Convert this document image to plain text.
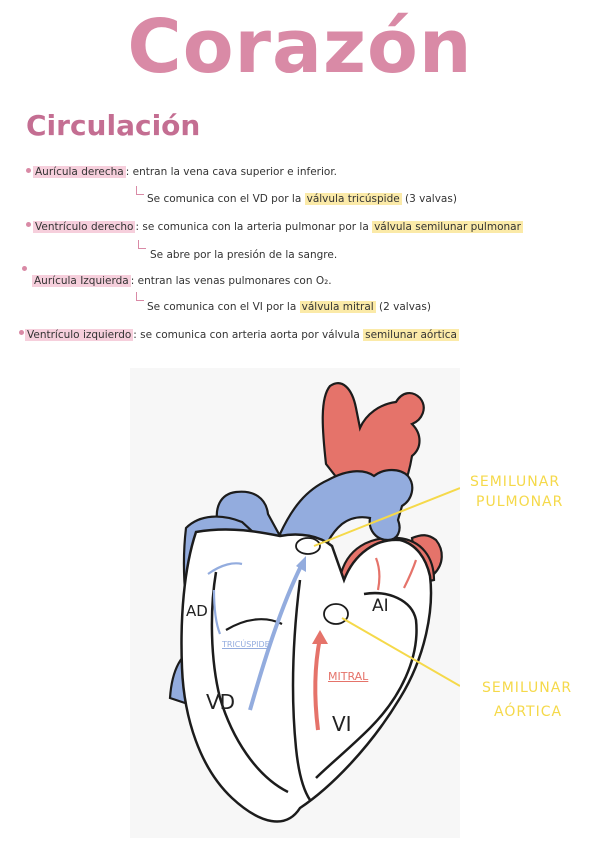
Corazón
Circulación
Aurícula derecha : entran la vena cava superior e inferior.
Se comunica con el VD por la válvula tricúspide (3 valvas)
Ventrículo derecho : se comunica con la arteria pulmonar por la válvula semilunar pulmonar
Se abre por la presión de la sangre.
Aurícula Izquierda : entran las venas pulmonares con O₂.
Se comunica con el VI por la válvula mitral (2 valvas)
Ventrículo izquierdo : se comunica con arteria aorta por válvula semilunar aórtica
AD
VD
AI
VI
TRICÚSPIDE
MITRAL
SEMILUNAR
PULMONAR
SEMILUNAR
AÓRTICA
